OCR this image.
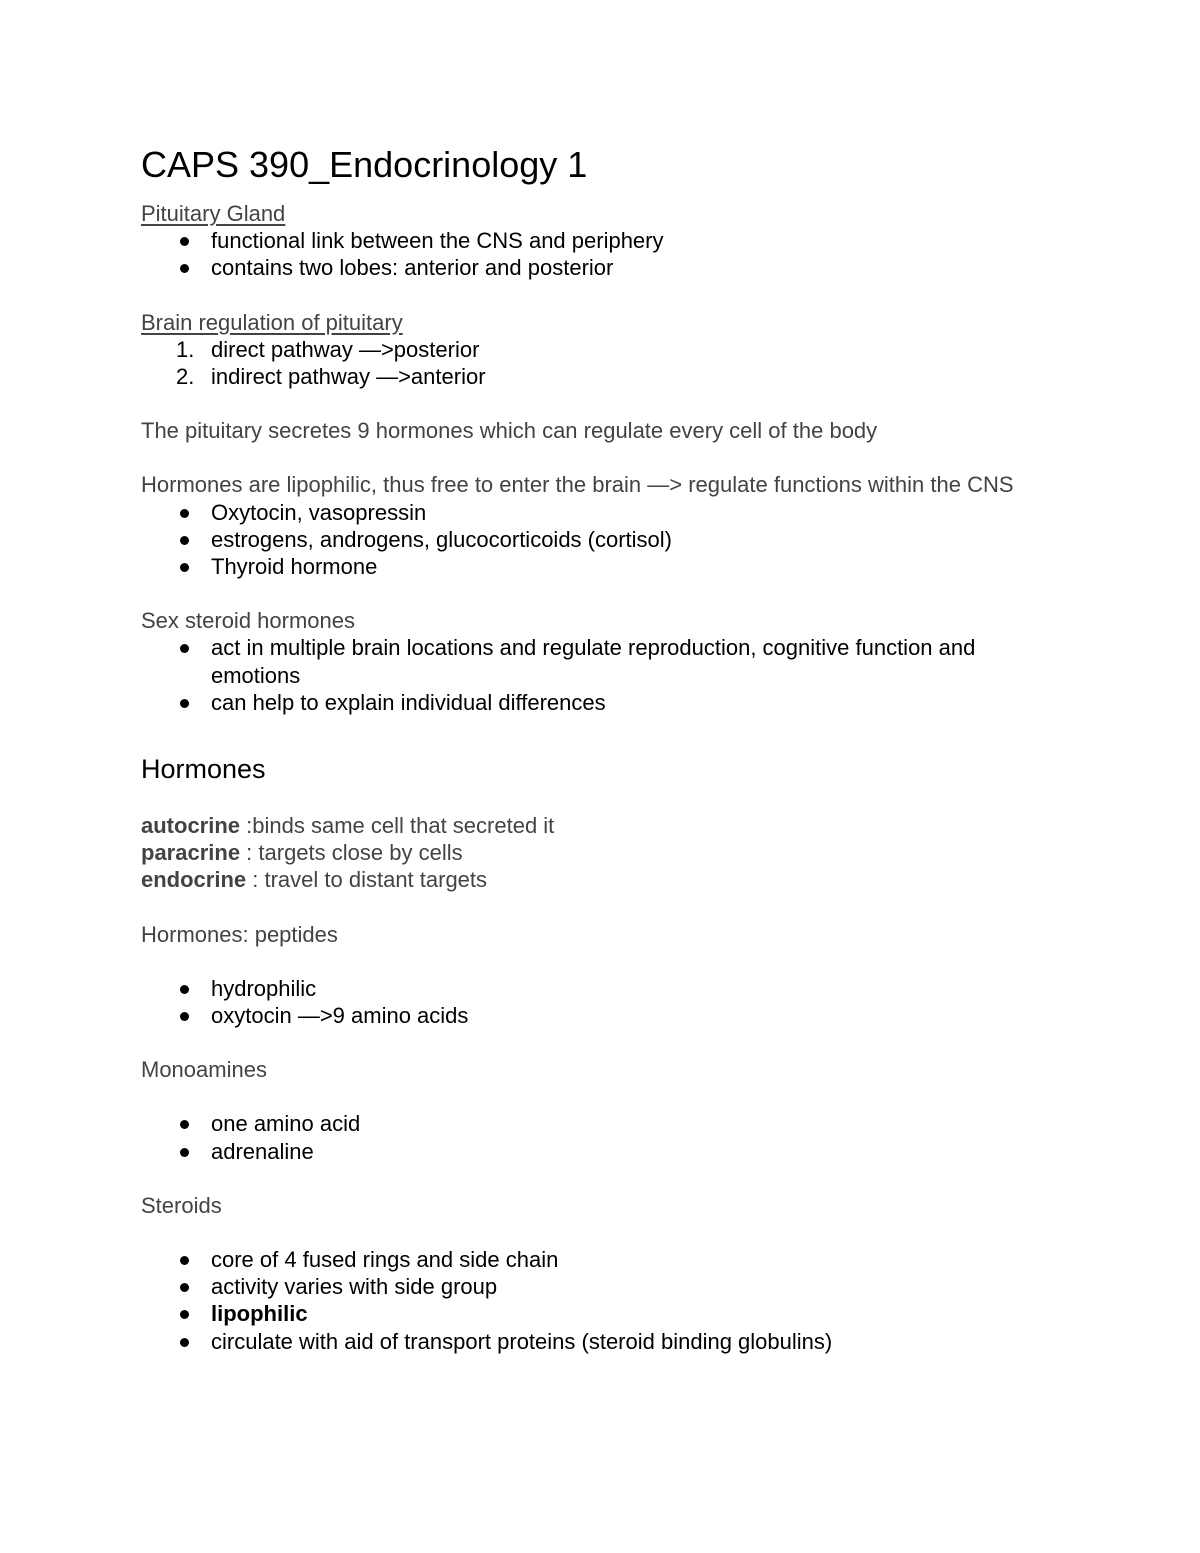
CAPS 390_Endocrinology 1

Pituitary Gland

functional link between the CNS and periphery
contains two lobes: anterior and posterior

Brain regulation of pituitary

1. direct pathway —>posterior
2. indirect pathway —>anterior

The pituitary secretes 9 hormones which can regulate every cell of the body

Hormones are lipophilic, thus free to enter the brain —> regulate functions within the CNS

Oxytocin, vasopressin
estrogens, androgens, glucocorticoids (cortisol)
Thyroid hormone

Sex steroid hormones

act in multiple brain locations and regulate reproduction, cognitive function and emotions
can help to explain individual differences
Hormones

autocrine :binds same cell that secreted it

paracrine : targets close by cells

endocrine : travel to distant targets

Hormones: peptides

hydrophilic
oxytocin —>9 amino acids

Monoamines

one amino acid
adrenaline

Steroids

core of 4 fused rings and side chain
activity varies with side group
lipophilic
circulate with aid of transport proteins (steroid binding globulins)
